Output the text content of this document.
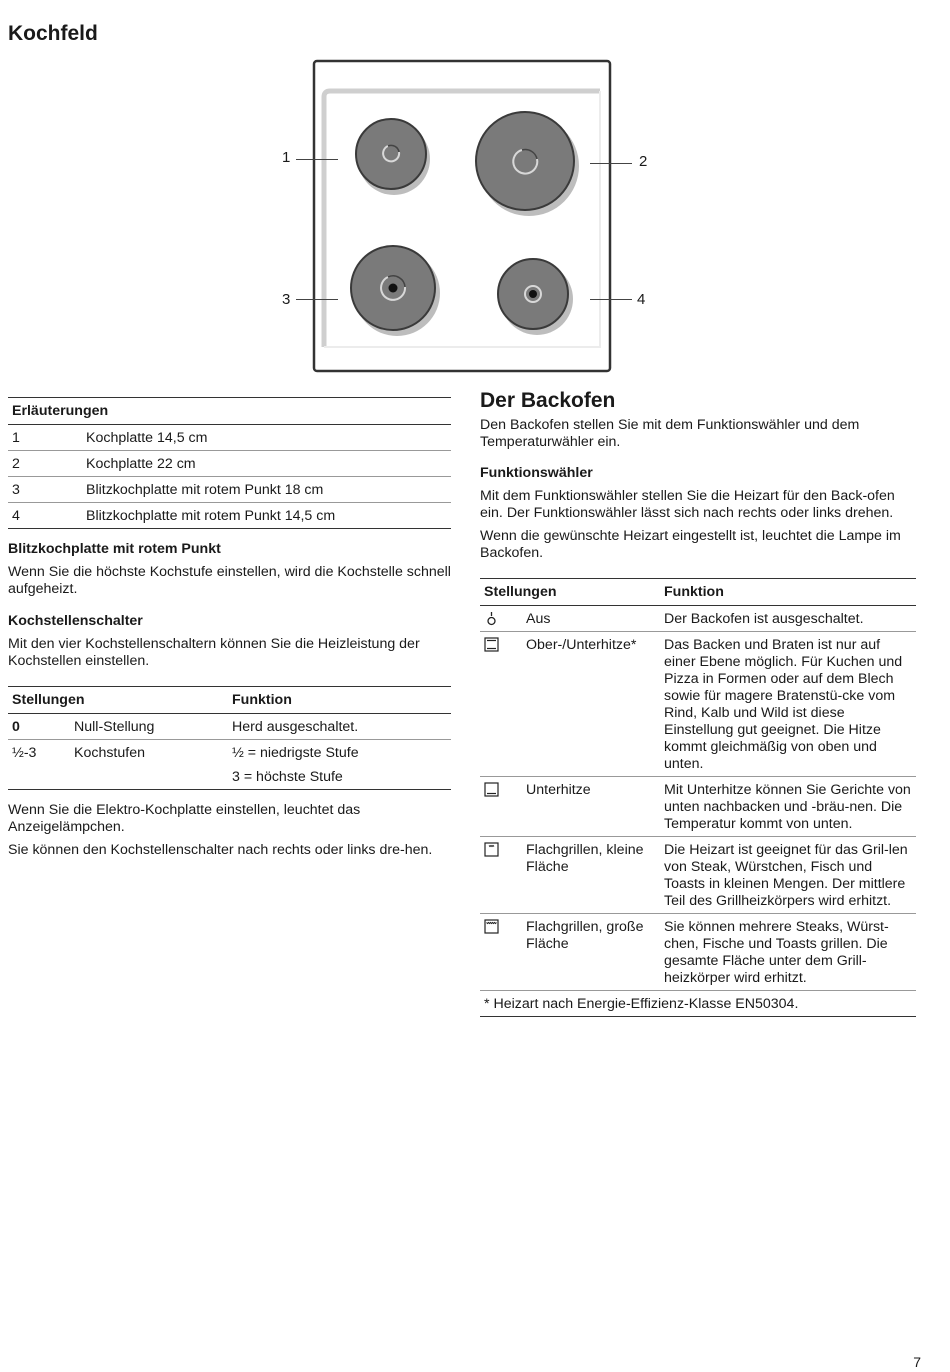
Kochfeld
1	2
3	4
Erläuterungen	
1	Kochplatte 14,5 cm
2	Kochplatte 22 cm
3	Blitzkochplatte mit rotem Punkt 18 cm
4	Blitzkochplatte mit rotem Punkt 14,5 cm
Blitzkochplatte mit rotem Punkt

Wenn Sie die höchste Kochstufe einstellen, wird die Kochstelle schnell aufgeheizt.

Kochstellenschalter

Mit den vier Kochstellenschaltern können Sie die Heizleistung der Kochstellen einstellen.

Stellungen		Funktion
0	Null-Stellung	Herd ausgeschaltet.
½-3	Kochstufen	½ = niedrigste Stufe
3 = höchste Stufe

Wenn Sie die Elektro-Kochplatte einstellen, leuchtet das Anzeigelämpchen.

Sie können den Kochstellenschalter nach rechts oder links dre-hen.

Der Backofen

Den Backofen stellen Sie mit dem Funktionswähler und dem Temperaturwähler ein.

Funktionswähler

Mit dem Funktionswähler stellen Sie die Heizart für den Back-ofen ein. Der Funktionswähler lässt sich nach rechts oder links drehen.

Wenn die gewünschte Heizart eingestellt ist, leuchtet die Lampe im Backofen.

Stellungen		Funktion
	Aus	Der Backofen ist ausgeschaltet.
	Ober-/Unterhitze*	Das Backen und Braten ist nur auf einer Ebene möglich. Für Kuchen und Pizza in Formen oder auf dem Blech sowie für magere Bratenstü-cke vom Rind, Kalb und Wild ist diese Einstellung gut geeignet. Die Hitze kommt gleichmäßig von oben und unten.
	Unterhitze	Mit Unterhitze können Sie Gerichte von unten nachbacken und -bräu-nen. Die Temperatur kommt von unten.
	Flachgrillen, kleine Fläche	Die Heizart ist geeignet für das Gril-len von Steak, Würstchen, Fisch und Toasts in kleinen Mengen. Der mittlere Teil des Grillheizkörpers wird erhitzt.
	Flachgrillen, große Fläche	Sie können mehrere Steaks, Würst-chen, Fische und Toasts grillen. Die gesamte Fläche unter dem Grill-heizkörper wird erhitzt.
* Heizart nach Energie-Effizienz-Klasse EN50304.		
7
